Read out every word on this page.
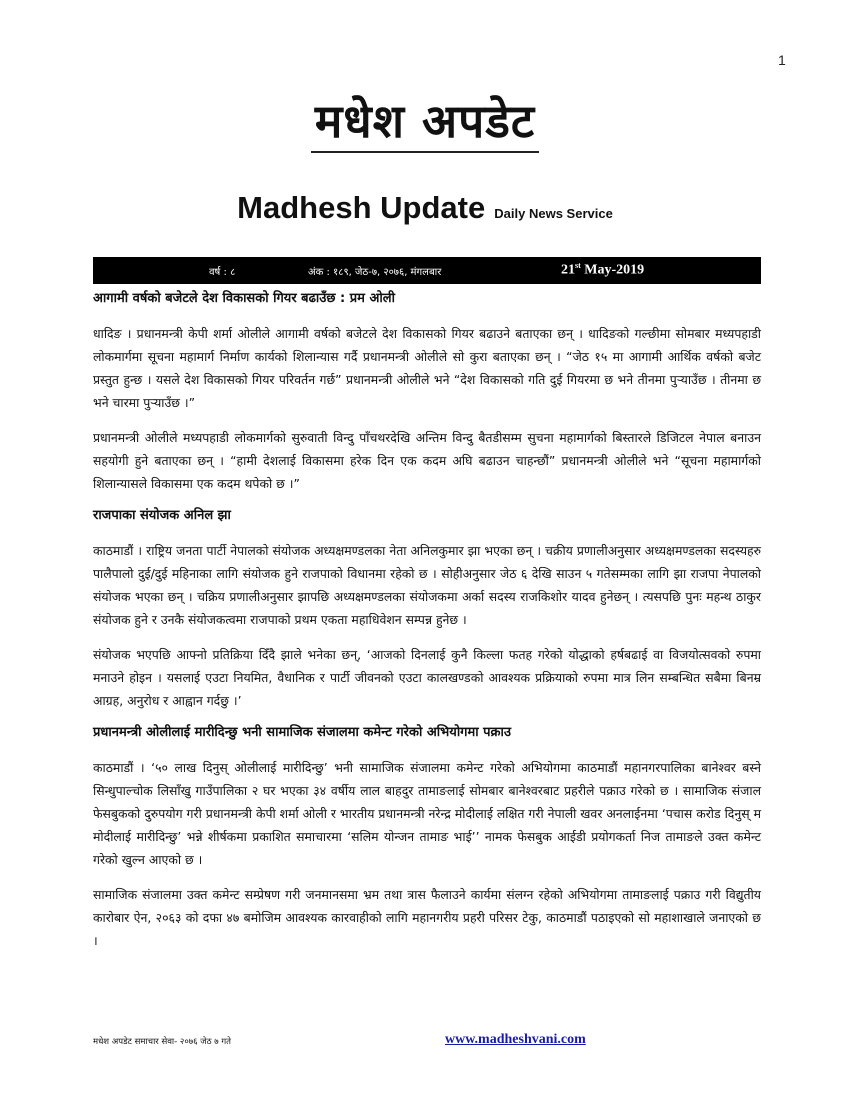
1
मधेश अपडेट
Madhesh Update Daily News Service
वर्ष : ८	अंक : १८९, जेठ-७, २०७६, मंगलबार	21st May-2019
आगामी वर्षको बजेटले देश विकासको गियर बढाउँछ : प्रम ओली

धादिङ । प्रधानमन्त्री केपी शर्मा ओलीले आगामी वर्षको बजेटले देश विकासको गियर बढाउने बताएका छन् । धादिङको गल्छीमा सोमबार मध्यपहाडी लोकमार्गमा सूचना महामार्ग निर्माण कार्यको शिलान्यास गर्दै प्रधानमन्त्री ओलीले सो कुरा बताएका छन् । “जेठ १५ मा आगामी आर्थिक वर्षको बजेट प्रस्तुत हुन्छ । यसले देश विकासको गियर परिवर्तन गर्छ” प्रधानमन्त्री ओलीले भने “देश विकासको गति दुई गियरमा छ भने तीनमा पुऱ्याउँछ । तीनमा छ भने चारमा पुऱ्याउँछ ।”

प्रधानमन्त्री ओलीले मध्यपहाडी लोकमार्गको सुरुवाती विन्दु पाँचथरदेखि अन्तिम विन्दु बैतडीसम्म सुचना महामार्गको बिस्तारले डिजिटल नेपाल बनाउन सहयोगी हुने बताएका छन् । “हामी देशलाई विकासमा हरेक दिन एक कदम अघि बढाउन चाहन्छौं” प्रधानमन्त्री ओलीले भने “सूचना महामार्गको शिलान्यासले विकासमा एक कदम थपेको छ ।”

राजपाका संयोजक अनिल झा

काठमाडौं । राष्ट्रिय जनता पार्टी नेपालको संयोजक अध्यक्षमण्डलका नेता अनिलकुमार झा भएका छन् । चक्रीय प्रणालीअनुसार अध्यक्षमण्डलका सदस्यहरु पालैपालो दुई/दुई महिनाका लागि संयोजक हुने राजपाको विधानमा रहेको छ । सोहीअनुसार जेठ ६ देखि साउन ५ गतेसम्मका लागि झा राजपा नेपालको संयोजक भएका छन् । चक्रिय प्रणालीअनुसार झापछि अध्यक्षमण्डलका संयोजकमा अर्का सदस्य राजकिशोर यादव हुनेछन् । त्यसपछि पुनः महन्थ ठाकुर संयोजक हुने र उनकै संयोजकत्वमा राजपाको प्रथम एकता महाधिवेशन सम्पन्न हुनेछ ।

संयोजक भएपछि आफ्नो प्रतिक्रिया दिँदै झाले भनेका छन्, ‘आजको दिनलाई कुनै किल्ला फतह गरेको योद्धाको हर्षबढाई वा विजयोत्सवको रुपमा मनाउने होइन । यसलाई एउटा नियमित, वैधानिक र पार्टी जीवनको एउटा कालखण्डको आवश्यक प्रक्रियाको रुपमा मात्र लिन सम्बन्धित सबैमा बिनम्र आग्रह, अनुरोध र आह्वान गर्दछु ।’

प्रधानमन्त्री ओलीलाई मारीदिन्छु भनी सामाजिक संजालमा कमेन्ट गरेको अभियोगमा पक्राउ

काठमाडौं । ‘५० लाख दिनुस् ओलीलाई मारीदिन्छु’ भनी सामाजिक संजालमा कमेन्ट गरेको अभियोगमा काठमाडौं महानगरपालिका बानेश्वर बस्ने सिन्धुपाल्चोक लिसाँखु गाउँपालिका २ घर भएका ३४ वर्षीय लाल बाहदुर तामाङलाई सोमबार बानेश्वरबाट प्रहरीले पक्राउ गरेको छ । सामाजिक संजाल फेसबुकको दुरुपयोग गरी प्रधानमन्त्री केपी शर्मा ओली र भारतीय प्रधानमन्त्री नरेन्द्र मोदीलाई लक्षित गरी नेपाली खवर अनलाईनमा ‘पचास करोड दिनुस् म मोदीलाई मारीदिन्छु’ भन्ने शीर्षकमा प्रकाशित समाचारमा ‘सलिम योन्जन तामाङ भाई’’ नामक फेसबुक आईडी प्रयोगकर्ता निज तामाङले उक्त कमेन्ट गरेको खुल्न आएको छ ।

सामाजिक संजालमा उक्त कमेन्ट सम्प्रेषण गरी जनमानसमा भ्रम तथा त्रास फैलाउने कार्यमा संलग्न रहेको अभियोगमा तामाङलाई पक्राउ गरी विद्युतीय कारोबार ऐन, २०६३ को दफा ४७ बमोजिम आवश्यक कारवाहीको लागि महानगरीय प्रहरी परिसर टेकु, काठमाडौं पठाइएको सो महाशाखाले जनाएको छ ।

मधेश अपडेट समाचार सेवा- २०७६ जेठ ७ गते	www.madheshvani.com
